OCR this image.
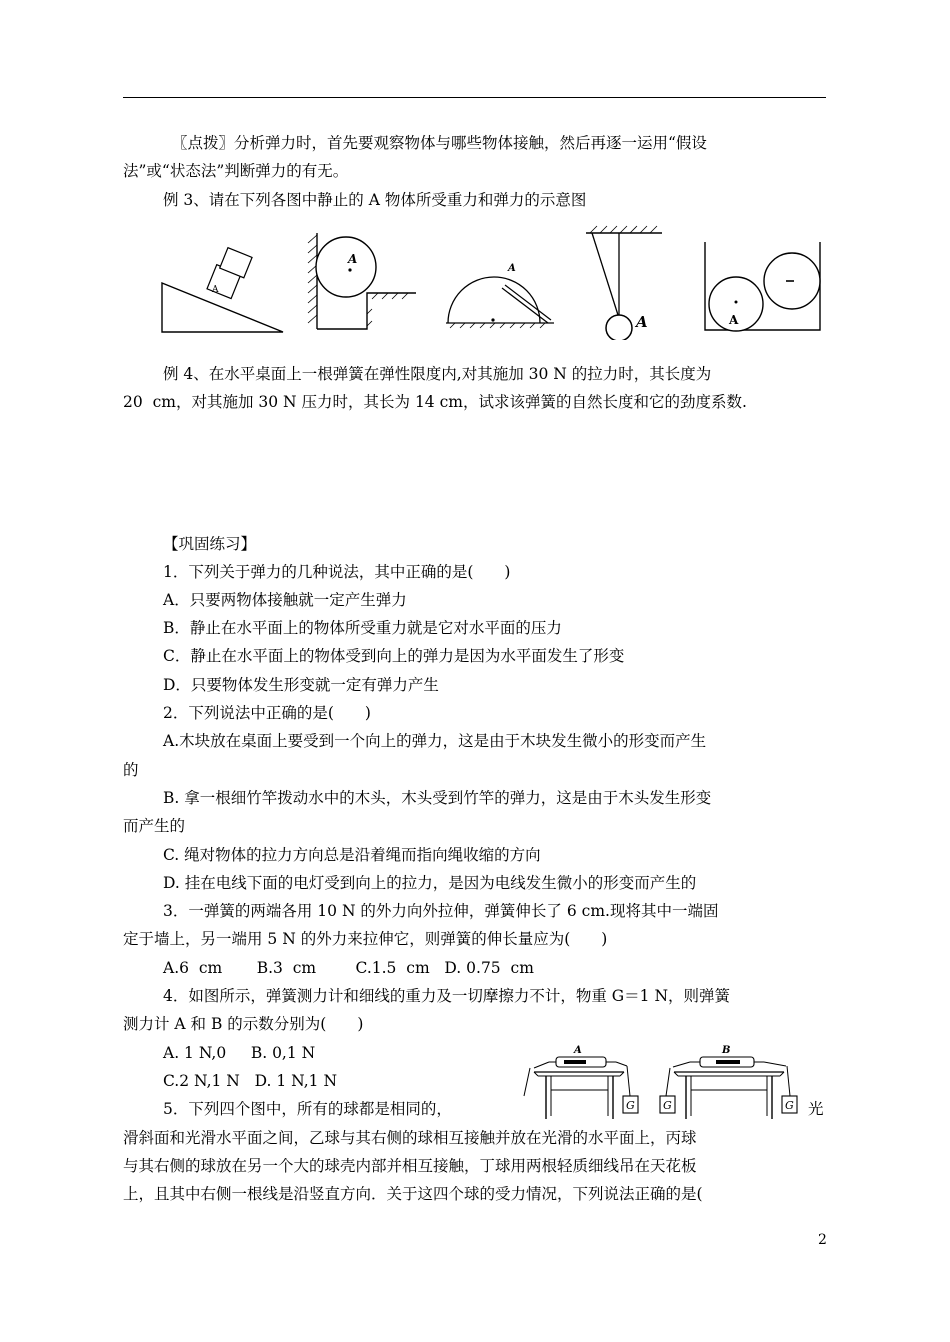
〖点拨〗分析弹力时，首先要观察物体与哪些物体接触，然后再逐一运用“假设
法”或“状态法”判断弹力的有无。
例 3、请在下列各图中静止的 A 物体所受重力和弹力的示意图
A
A
A
A	A
例 4、在水平桌面上一根弹簧在弹性限度内,对其施加 30 N 的拉力时，其长度为
20  cm，对其施加 30 N 压力时，其长为 14 cm，试求该弹簧的自然长度和它的劲度系数.
【巩固练习】
1．下列关于弹力的几种说法，其中正确的是(　　)
A．只要两物体接触就一定产生弹力
B．静止在水平面上的物体所受重力就是它对水平面的压力
C．静止在水平面上的物体受到向上的弹力是因为水平面发生了形变
D．只要物体发生形变就一定有弹力产生
2．下列说法中正确的是(　　)
A.木块放在桌面上要受到一个向上的弹力，这是由于木块发生微小的形变而产生
的
B. 拿一根细竹竿拨动水中的木头，木头受到竹竿的弹力，这是由于木头发生形变
而产生的
C. 绳对物体的拉力方向总是沿着绳而指向绳收缩的方向
D. 挂在电线下面的电灯受到向上的拉力，是因为电线发生微小的形变而产生的
3．一弹簧的两端各用 10 N 的外力向外拉伸，弹簧伸长了 6 cm.现将其中一端固
定于墙上，另一端用 5 N 的外力来拉伸它，则弹簧的伸长量应为(　　)
A.6  cm       B.3  cm        C.1.5  cm   D. 0.75  cm
4．如图所示，弹簧测力计和细线的重力及一切摩擦力不计，物重 G＝1 N，则弹簧
测力计 A 和 B 的示数分别为(　　)
A. 1 N,0     B. 0,1 N
C.2 N,1 N   D. 1 N,1 N
5．下列四个图中，所有的球都是相同的，	光
滑斜面和光滑水平面之间，乙球与其右侧的球相互接触并放在光滑的水平面上，丙球
与其右侧的球放在另一个大的球壳内部并相互接触，丁球用两根轻质细线吊在天花板
上，且其中右侧一根线是沿竖直方向．关于这四个球的受力情况，下列说法正确的是(
A
G
B
G	G
2
